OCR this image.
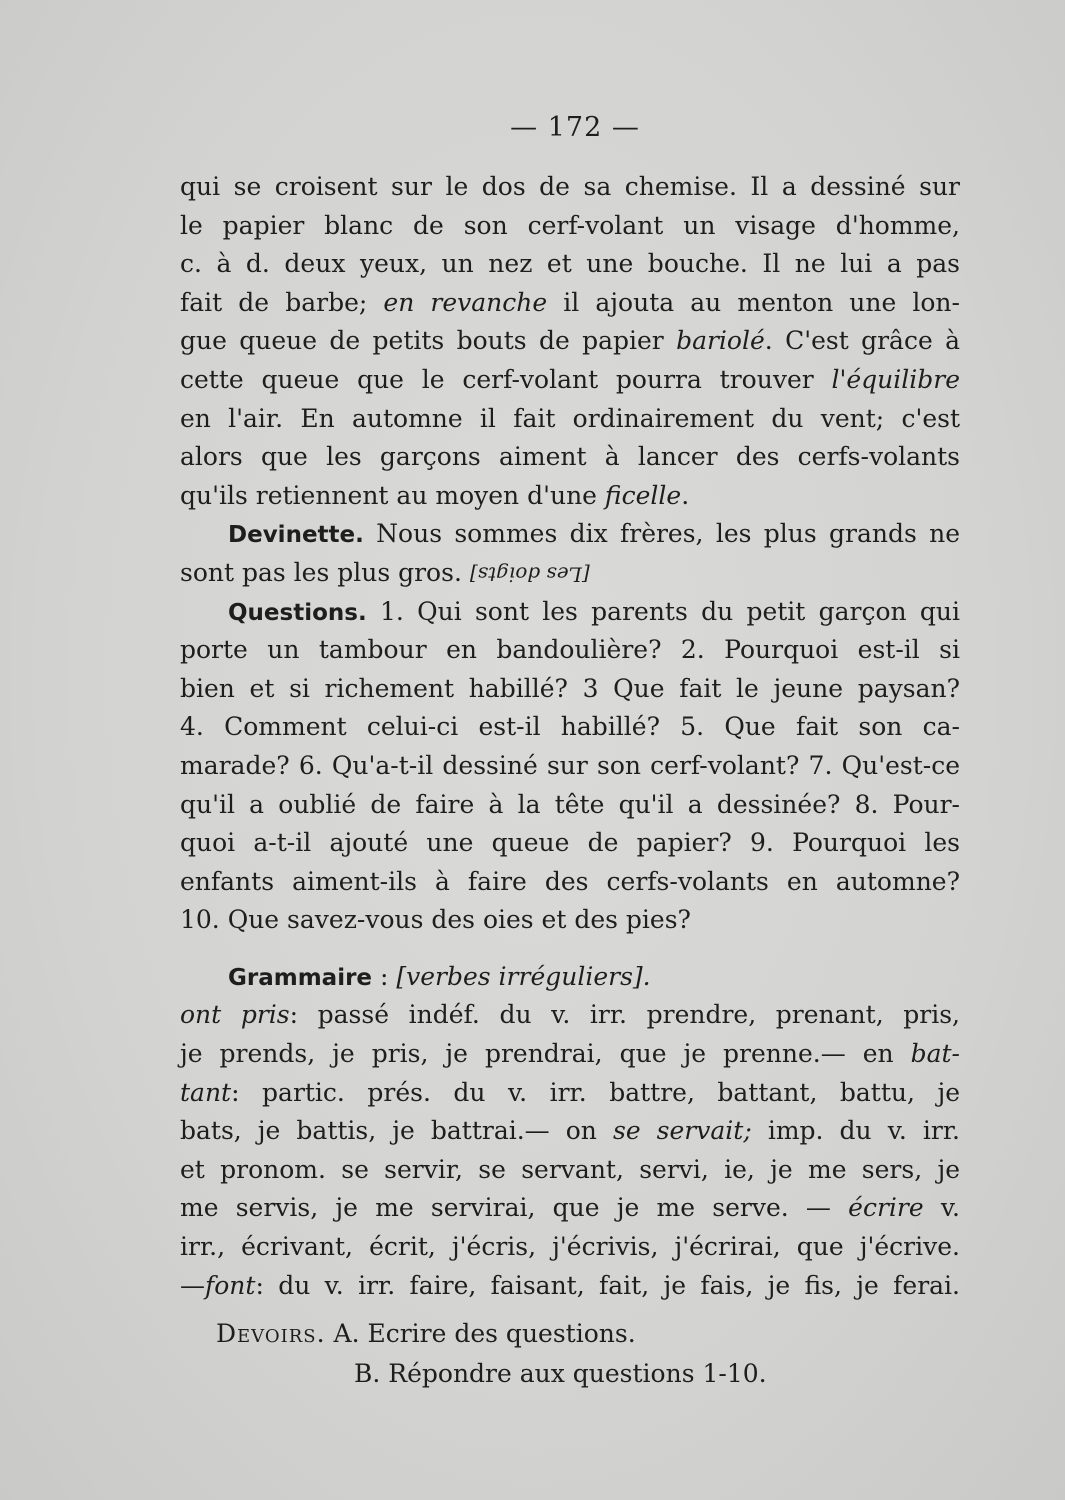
— 172 —
qui se croisent sur le dos de sa chemise. Il a dessiné sur
le papier blanc de son cerf-volant un visage d'homme,
c. à d. deux yeux, un nez et une bouche. Il ne lui a pas
fait de barbe; en revanche il ajouta au menton une lon-
gue queue de petits bouts de papier bariolé. C'est grâce à
cette queue que le cerf-volant pourra trouver l'équilibre
en l'air. En automne il fait ordinairement du vent; c'est
alors que les garçons aiment à lancer des cerfs-volants
qu'ils retiennent au moyen d'une ficelle.
Devinette. Nous sommes dix frères, les plus grands ne
sont pas les plus gros. [Les doigts]
Questions. 1. Qui sont les parents du petit garçon qui
porte un tambour en bandoulière? 2. Pourquoi est-il si
bien et si richement habillé? 3 Que fait le jeune paysan?
4. Comment celui-ci est-il habillé? 5. Que fait son ca-
marade? 6. Qu'a-t-il dessiné sur son cerf-volant? 7. Qu'est-ce
qu'il a oublié de faire à la tête qu'il a dessinée? 8. Pour-
quoi a-t-il ajouté une queue de papier? 9. Pourquoi les
enfants aiment-ils à faire des cerfs-volants en automne?
10. Que savez-vous des oies et des pies?
Grammaire : [verbes irréguliers].
ont pris: passé indéf. du v. irr. prendre, prenant, pris,
je prends, je pris, je prendrai, que je prenne.— en bat-
tant: partic. prés. du v. irr. battre, battant, battu, je
bats, je battis, je battrai.— on se servait; imp. du v. irr.
et pronom. se servir, se servant, servi, ie, je me sers, je
me servis, je me servirai, que je me serve. — écrire v.
irr., écrivant, écrit, j'écris, j'écrivis, j'écrirai, que j'écrive.
—font: du v. irr. faire, faisant, fait, je fais, je fis, je ferai.
Devoirs. A. Ecrire des questions.
B. Répondre aux questions 1-10.
